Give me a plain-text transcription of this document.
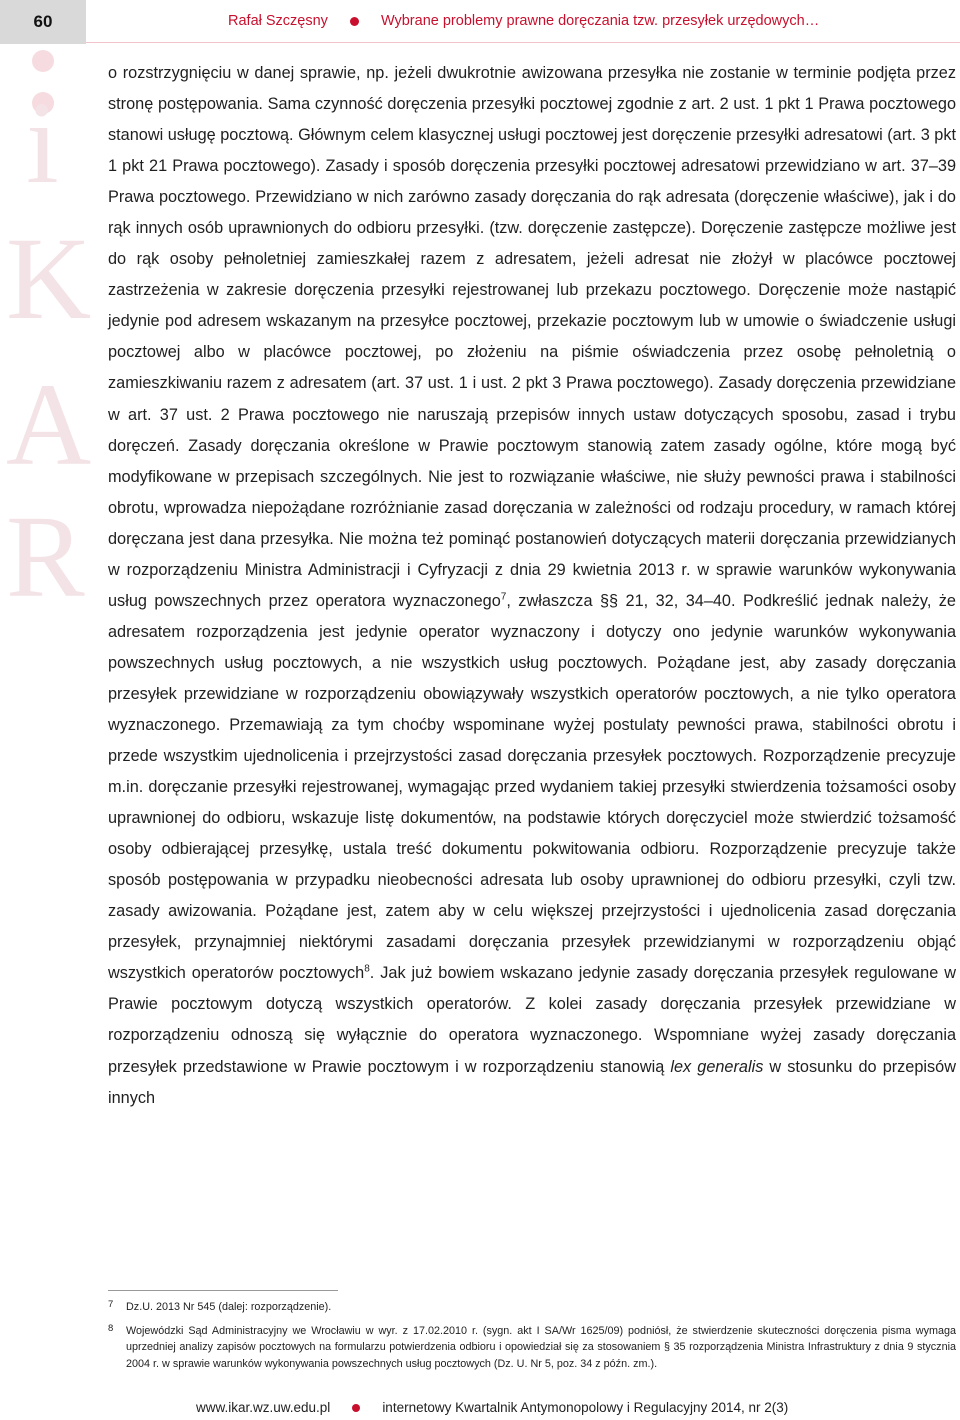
60	Rafał Szczęsny	Wybrane problemy prawne doręczania tzw. przesyłek urzędowych…
i
K
A
R

o rozstrzygnięciu w danej sprawie, np. jeżeli dwukrotnie awizowana przesyłka nie zostanie w terminie podjęta przez stronę postępowania. Sama czynność doręczenia przesyłki pocztowej zgodnie z art. 2 ust. 1 pkt 1 Prawa pocztowego stanowi usługę pocztową. Głównym celem klasycznej usługi pocztowej jest doręczenie przesyłki adresatowi (art. 3 pkt 1 pkt 21 Prawa pocztowego). Zasady i sposób doręczenia przesyłki pocztowej adresatowi przewidziano w art. 37–39 Prawa pocztowego. Przewidziano w nich zarówno zasady doręczania do rąk adresata (doręczenie właściwe), jak i do rąk innych osób uprawnionych do odbioru przesyłki. (tzw. doręczenie zastępcze). Doręczenie zastępcze możliwe jest do rąk osoby pełnoletniej zamieszkałej razem z adresatem, jeżeli adresat nie złożył w placówce pocztowej zastrzeżenia w zakresie doręczenia przesyłki rejestrowanej lub przekazu pocztowego. Doręczenie może nastąpić jedynie pod adresem wskazanym na przesyłce pocztowej, przekazie pocztowym lub w umowie o świadczenie usługi pocztowej albo w placówce pocztowej, po złożeniu na piśmie oświadczenia przez osobę pełnoletnią o zamieszkiwaniu razem z adresatem (art. 37 ust. 1 i ust. 2 pkt 3 Prawa pocztowego). Zasady doręczenia przewidziane w art. 37 ust. 2 Prawa pocztowego nie naruszają przepisów innych ustaw dotyczących sposobu, zasad i trybu doręczeń. Zasady doręczania określone w Prawie pocztowym stanowią zatem zasady ogólne, które mogą być modyfikowane w przepisach szczególnych. Nie jest to rozwiązanie właściwe, nie służy pewności prawa i stabilności obrotu, wprowadza niepożądane rozróżnianie zasad doręczania w zależności od rodzaju procedury, w ramach której doręczana jest dana przesyłka. Nie można też pominąć postanowień dotyczących materii doręczania przewidzianych w rozporządzeniu Ministra Administracji i Cyfryzacji z dnia 29 kwietnia 2013 r. w sprawie warunków wykonywania usług powszechnych przez operatora wyznaczonego$^7$, zwłaszcza §§ 21, 32, 34–40. Podkreślić jednak należy, że adresatem rozporządzenia jest jedynie operator wyznaczony i dotyczy ono jedynie warunków wykonywania powszechnych usług pocztowych, a nie wszystkich usług pocztowych. Pożądane jest, aby zasady doręczania przesyłek przewidziane w rozporządzeniu obowiązywały wszystkich operatorów pocztowych, a nie tylko operatora wyznaczonego. Przemawiają za tym choćby wspominane wyżej postulaty pewności prawa, stabilności obrotu i przede wszystkim ujednolicenia i przejrzystości zasad doręczania przesyłek pocztowych. Rozporządzenie precyzuje m.in. doręczanie przesyłki rejestrowanej, wymagając przed wydaniem takiej przesyłki stwierdzenia tożsamości osoby uprawnionej do odbioru, wskazuje listę dokumentów, na podstawie których doręczyciel może stwierdzić tożsamość osoby odbierającej przesyłkę, ustala treść dokumentu pokwitowania odbioru. Rozporządzenie precyzuje także sposób postępowania w przypadku nieobecności adresata lub osoby uprawnionej do odbioru przesyłki, czyli tzw. zasady awizowania. Pożądane jest, zatem aby w celu większej przejrzystości i ujednolicenia zasad doręczania przesyłek, przynajmniej niektórymi zasadami doręczania przesyłek przewidzianymi w rozporządzeniu objąć wszystkich operatorów pocztowych$^8$. Jak już bowiem wskazano jedynie zasady doręczania przesyłek regulowane w Prawie pocztowym dotyczą wszystkich operatorów. Z kolei zasady doręczania przesyłek przewidziane w rozporządzeniu odnoszą się wyłącznie do operatora wyznaczonego. Wspomniane wyżej zasady doręczania przesyłek przedstawione w Prawie pocztowym i w rozporządzeniu stanowią lex generalis w stosunku do przepisów innych

7	Dz.U. 2013 Nr 545 (dalej: rozporządzenie).
8	Wojewódzki Sąd Administracyjny we Wrocławiu w wyr. z 17.02.2010 r. (sygn. akt I SA/Wr 1625/09) podniósł, że stwierdzenie skuteczności doręczenia pisma wymaga uprzedniej analizy zapisów pocztowych na formularzu potwierdzenia odbioru i opowiedział się za stosowaniem § 35 rozporządzenia Ministra Infrastruktury z dnia 9 stycznia 2004 r. w sprawie warunków wykonywania powszechnych usług pocztowych (Dz. U. Nr 5, poz. 34 z późn. zm.).
www.ikar.wz.uw.edu.pl	internetowy Kwartalnik Antymonopolowy i Regulacyjny 2014, nr 2(3)
